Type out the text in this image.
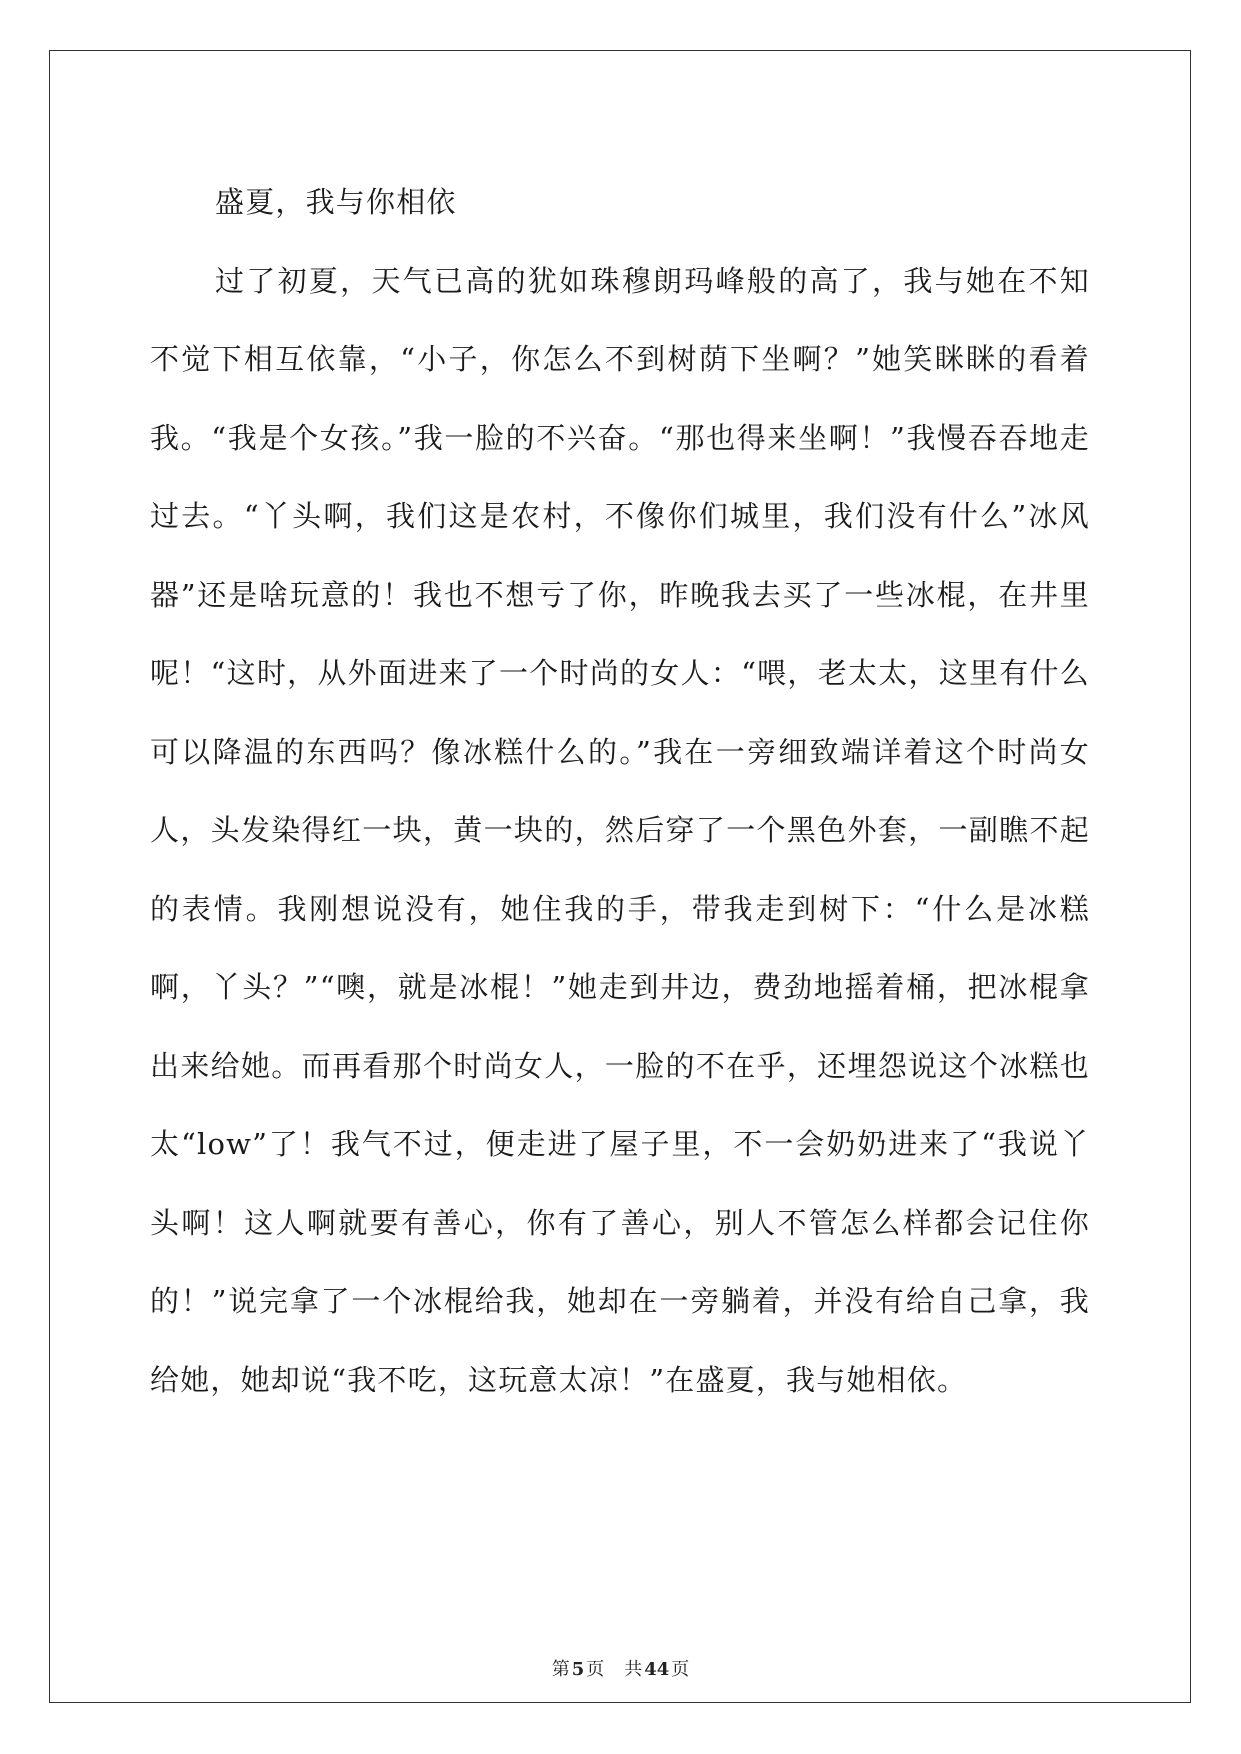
盛夏，我与你相依

过了初夏，天气已高的犹如珠穆朗玛峰般的高了，我与她在不知不觉下相互依靠，“小子，你怎么不到树荫下坐啊？”她笑眯眯的看着我。“我是个女孩。”我一脸的不兴奋。“那也得来坐啊！”我慢吞吞地走过去。“丫头啊，我们这是农村，不像你们城里，我们没有什么”冰风器”还是啥玩意的！我也不想亏了你，昨晚我去买了一些冰棍，在井里呢！“这时，从外面进来了一个时尚的女人：“喂，老太太，这里有什么可以降温的东西吗？像冰糕什么的。”我在一旁细致端详着这个时尚女人，头发染得红一块，黄一块的，然后穿了一个黑色外套，一副瞧不起的表情。我刚想说没有，她住我的手，带我走到树下：“什么是冰糕啊，丫头？”“噢，就是冰棍！”她走到井边，费劲地摇着桶，把冰棍拿出来给她。而再看那个时尚女人，一脸的不在乎，还埋怨说这个冰糕也太“low”了！我气不过，便走进了屋子里，不一会奶奶进来了“我说丫头啊！这人啊就要有善心，你有了善心，别人不管怎么样都会记住你的！”说完拿了一个冰棍给我，她却在一旁躺着，并没有给自己拿，我给她，她却说“我不吃，这玩意太凉！”在盛夏，我与她相依。

第 5 页 共 44 页
